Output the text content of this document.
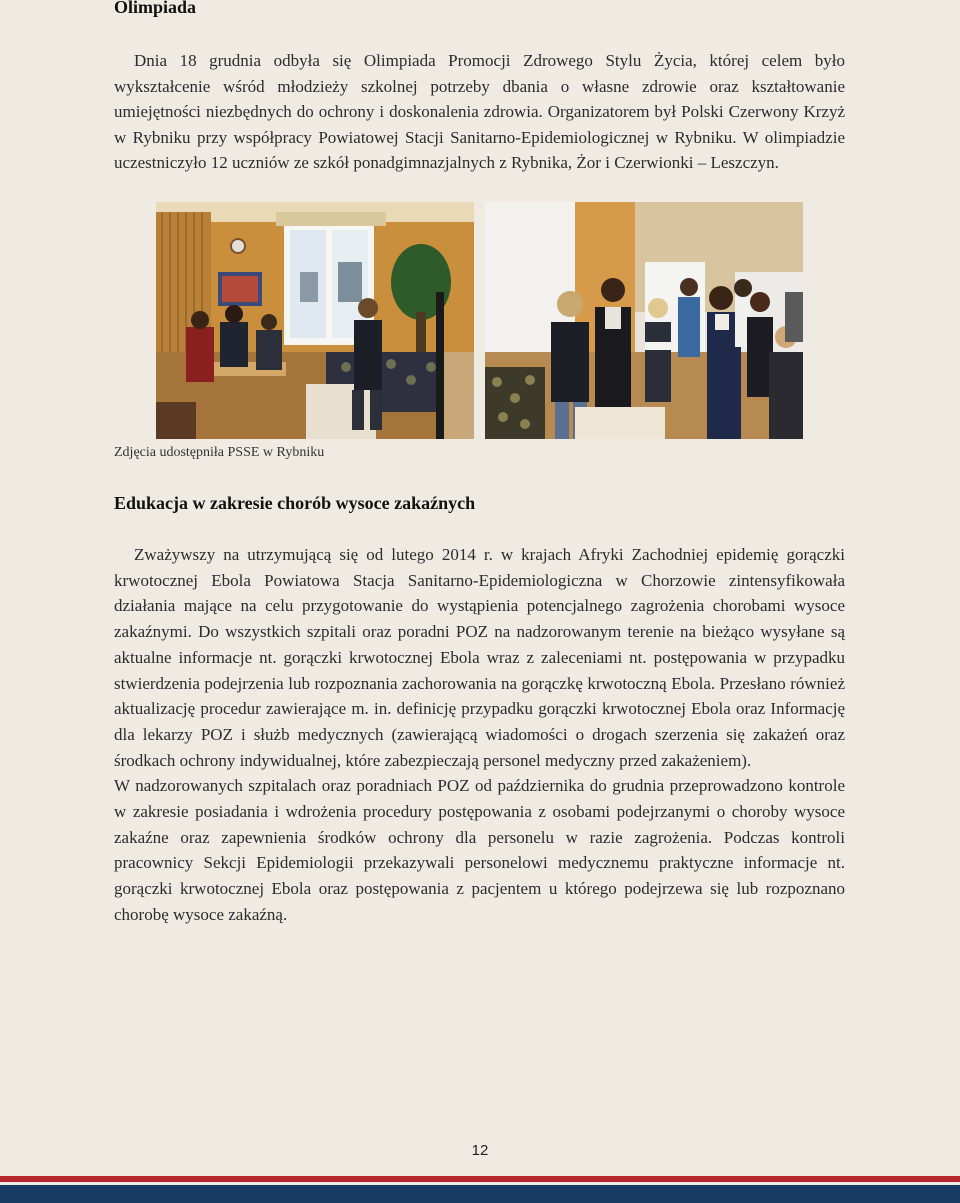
Olimpiada
Dnia 18 grudnia odbyła się Olimpiada Promocji Zdrowego Stylu Życia, której celem było wykształcenie wśród młodzieży szkolnej potrzeby dbania o własne zdrowie oraz kształtowanie umiejętności niezbędnych do ochrony i doskonalenia zdrowia. Organizatorem był Polski Czerwony Krzyż w Rybniku przy współpracy Powiatowej Stacji Sanitarno-Epidemiologicznej w Rybniku. W olimpiadzie uczestniczyło 12 uczniów ze szkół ponadgimnazjalnych z Rybnika, Żor i Czerwionki – Leszczyn.
Zdjęcia udostępniła PSSE w Rybniku
Edukacja w zakresie chorób wysoce zakaźnych

Zważywszy na utrzymującą się od lutego 2014 r. w krajach Afryki Zachodniej epidemię gorączki krwotocznej Ebola Powiatowa Stacja Sanitarno-Epidemiologiczna w Chorzowie zintensyfikowała działania mające na celu przygotowanie do wystąpienia potencjalnego zagrożenia chorobami wysoce zakaźnymi. Do wszystkich szpitali oraz poradni POZ na nadzorowanym terenie na bieżąco wysyłane są aktualne informacje nt. gorączki krwotocznej Ebola wraz z zaleceniami nt. postępowania w przypadku stwierdzenia podejrzenia lub rozpoznania zachorowania na gorączkę krwotoczną Ebola. Przesłano również aktualizację procedur zawierające m. in. definicję przypadku gorączki krwotocznej Ebola oraz Informację dla lekarzy POZ i służb medycznych (zawierającą wiadomości o drogach szerzenia się zakażeń oraz środkach ochrony indywidualnej, które zabezpieczają personel medyczny przed zakażeniem).

W nadzorowanych szpitalach oraz poradniach POZ od października do grudnia przeprowadzono kontrole w zakresie posiadania i wdrożenia procedury postępowania z osobami podejrzanymi o choroby wysoce zakaźne oraz zapewnienia środków ochrony dla personelu w razie zagrożenia. Podczas kontroli pracownicy Sekcji Epidemiologii przekazywali personelowi medycznemu praktyczne informacje nt. gorączki krwotocznej Ebola oraz postępowania z pacjentem u którego podejrzewa się lub rozpoznano chorobę wysoce zakaźną.

12
